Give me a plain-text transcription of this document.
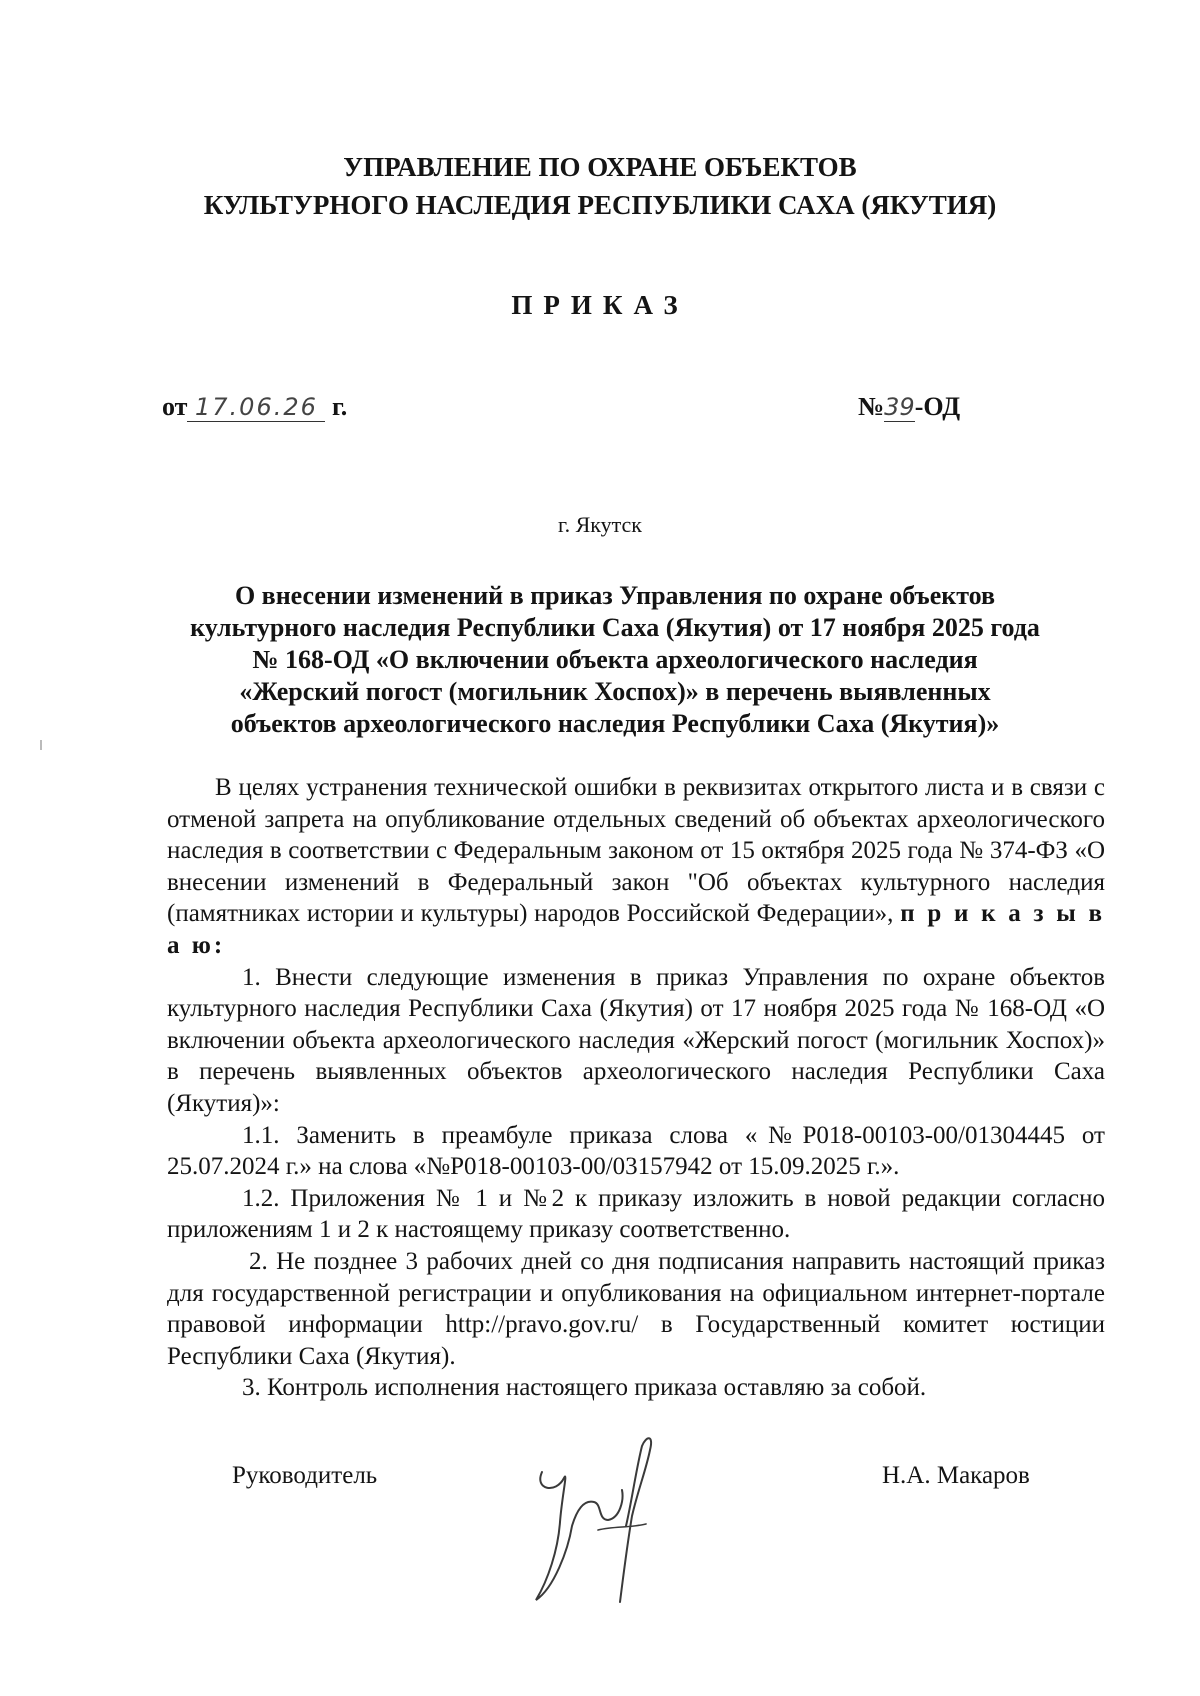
УПРАВЛЕНИЕ ПО ОХРАНЕ ОБЪЕКТОВ
КУЛЬТУРНОГО НАСЛЕДИЯ РЕСПУБЛИКИ САХА (ЯКУТИЯ)
ПРИКАЗ
от 17.06.26 г.	№39-ОД
г. Якутск
О внесении изменений в приказ Управления по охране объектов
культурного наследия Республики Саха (Якутия) от 17 ноября 2025 года
№ 168-ОД «О включении объекта археологического наследия
«Жерский погост (могильник Хоспох)» в перечень выявленных
объектов археологического наследия Республики Саха (Якутия)»

В целях устранения технической ошибки в реквизитах открытого листа и в связи с отменой запрета на опубликование отдельных сведений об объектах археологического наследия в соответствии с Федеральным законом от 15 октября 2025 года № 374-ФЗ «О внесении изменений в Федеральный закон "Об объектах культурного наследия (памятниках истории и культуры) народов Российской Федерации», п р и к а з ы в а ю:

1. Внести следующие изменения в приказ Управления по охране объектов культурного наследия Республики Саха (Якутия) от 17 ноября 2025 года № 168-ОД «О включении объекта археологического наследия «Жерский погост (могильник Хоспох)» в перечень выявленных объектов археологического наследия Республики Саха (Якутия)»:

1.1. Заменить в преамбуле приказа слова «№Р018-00103-00/01304445 от 25.07.2024 г.» на слова «№Р018-00103-00/03157942 от 15.09.2025 г.».

1.2. Приложения № 1 и №2 к приказу изложить в новой редакции согласно приложениям 1 и 2 к настоящему приказу соответственно.

2. Не позднее 3 рабочих дней со дня подписания направить настоящий приказ для государственной регистрации и опубликования на официальном интернет-портале правовой информации http://pravo.gov.ru/ в Государственный комитет юстиции Республики Саха (Якутия).

3. Контроль исполнения настоящего приказа оставляю за собой.

Руководитель	Н.А. Макаров
